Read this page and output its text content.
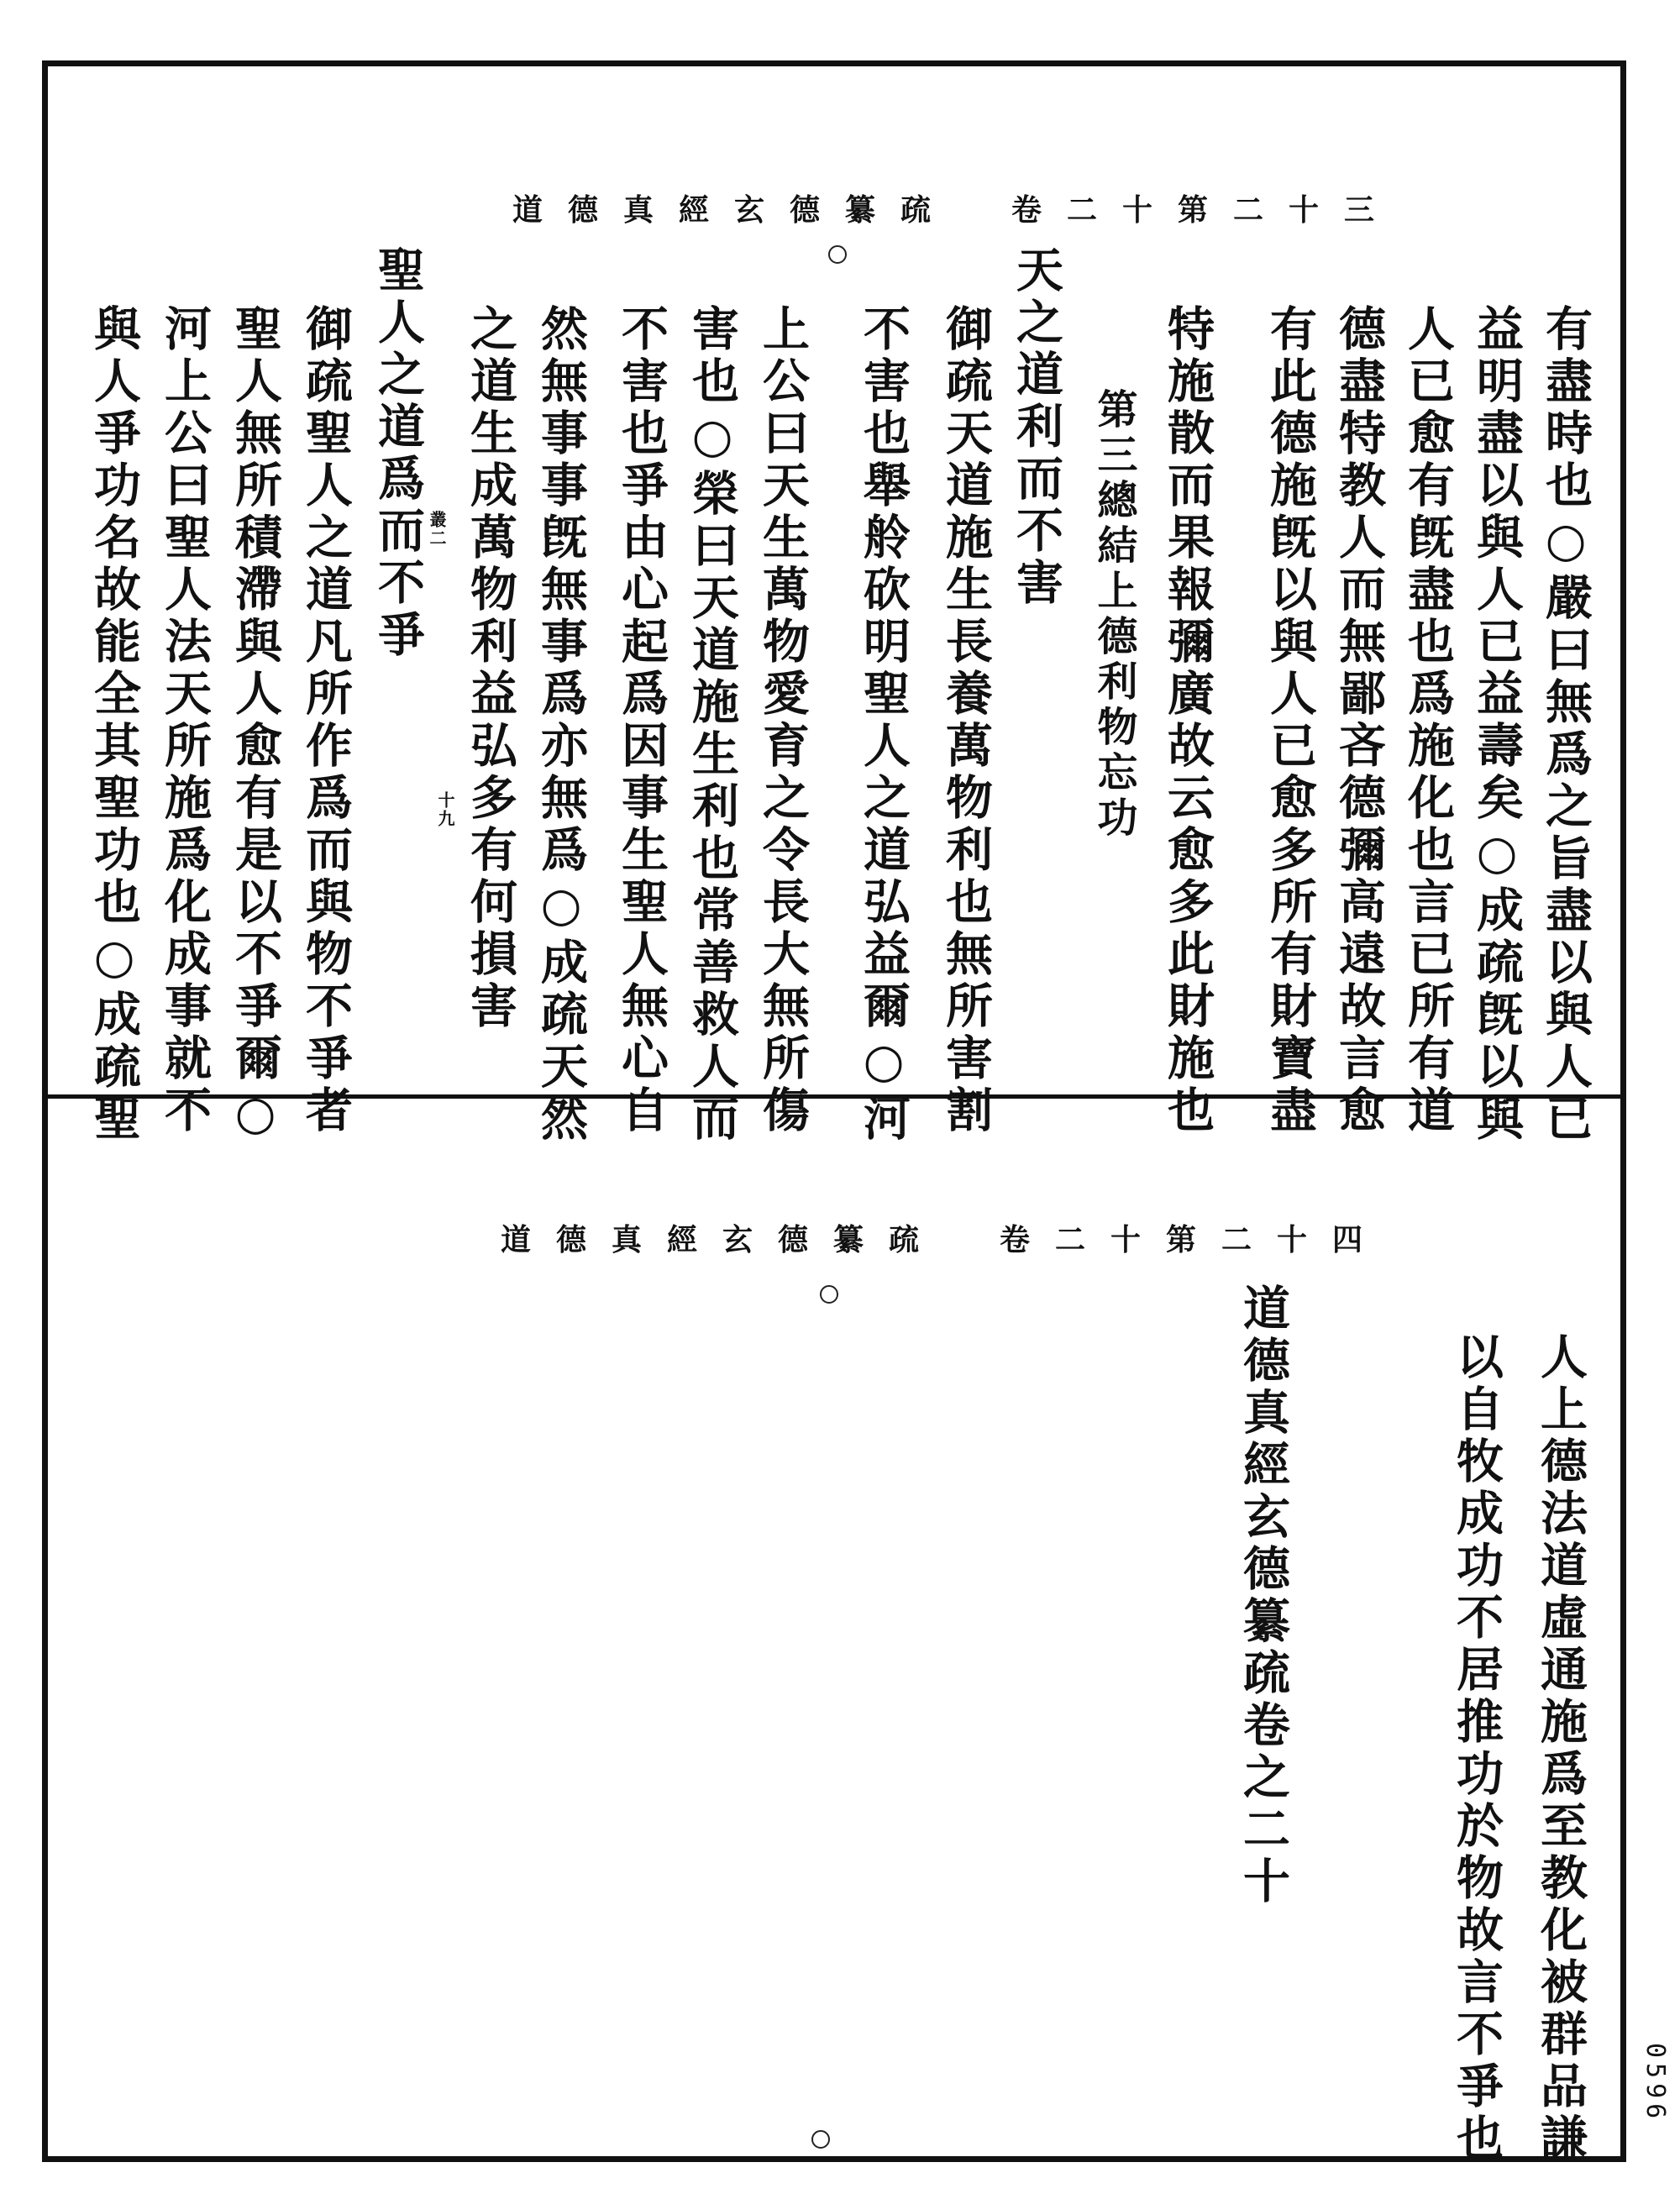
道德真經玄德纂疏　卷二十第二十三
有盡時也○嚴曰無爲之旨盡以與人已
益明盡以與人已益壽矣○成疏旣以與
人已愈有旣盡也爲施化也言已所有道
德盡特教人而無鄙吝德彌高遠故言愈
有此德施旣以與人已愈多所有財寶盡
特施散而果報彌廣故云愈多此財施也
第三總結上德利物忘功
天之道利而不害
御疏天道施生長養萬物利也無所害割
不害也舉舲砍明聖人之道弘益爾○河
上公曰天生萬物愛育之令長大無所傷
害也○榮曰天道施生利也常善救人而
不害也爭由心起爲因事生聖人無心自
然無事事旣無事爲亦無爲○成疏天然
之道生成萬物利益弘多有何損害
十九
叢二
聖人之道爲而不爭
御疏聖人之道凡所作爲而與物不爭者
聖人無所積滯與人愈有是以不爭爾○
河上公曰聖人法天所施爲化成事就不
與人爭功名故能全其聖功也○成疏聖
道德真經玄德纂疏　卷二十第二十四
人上德法道虛通施爲至教化被群品謙
以自牧成功不居推功於物故言不爭也
道德真經玄德纂疏卷之二十
0596
